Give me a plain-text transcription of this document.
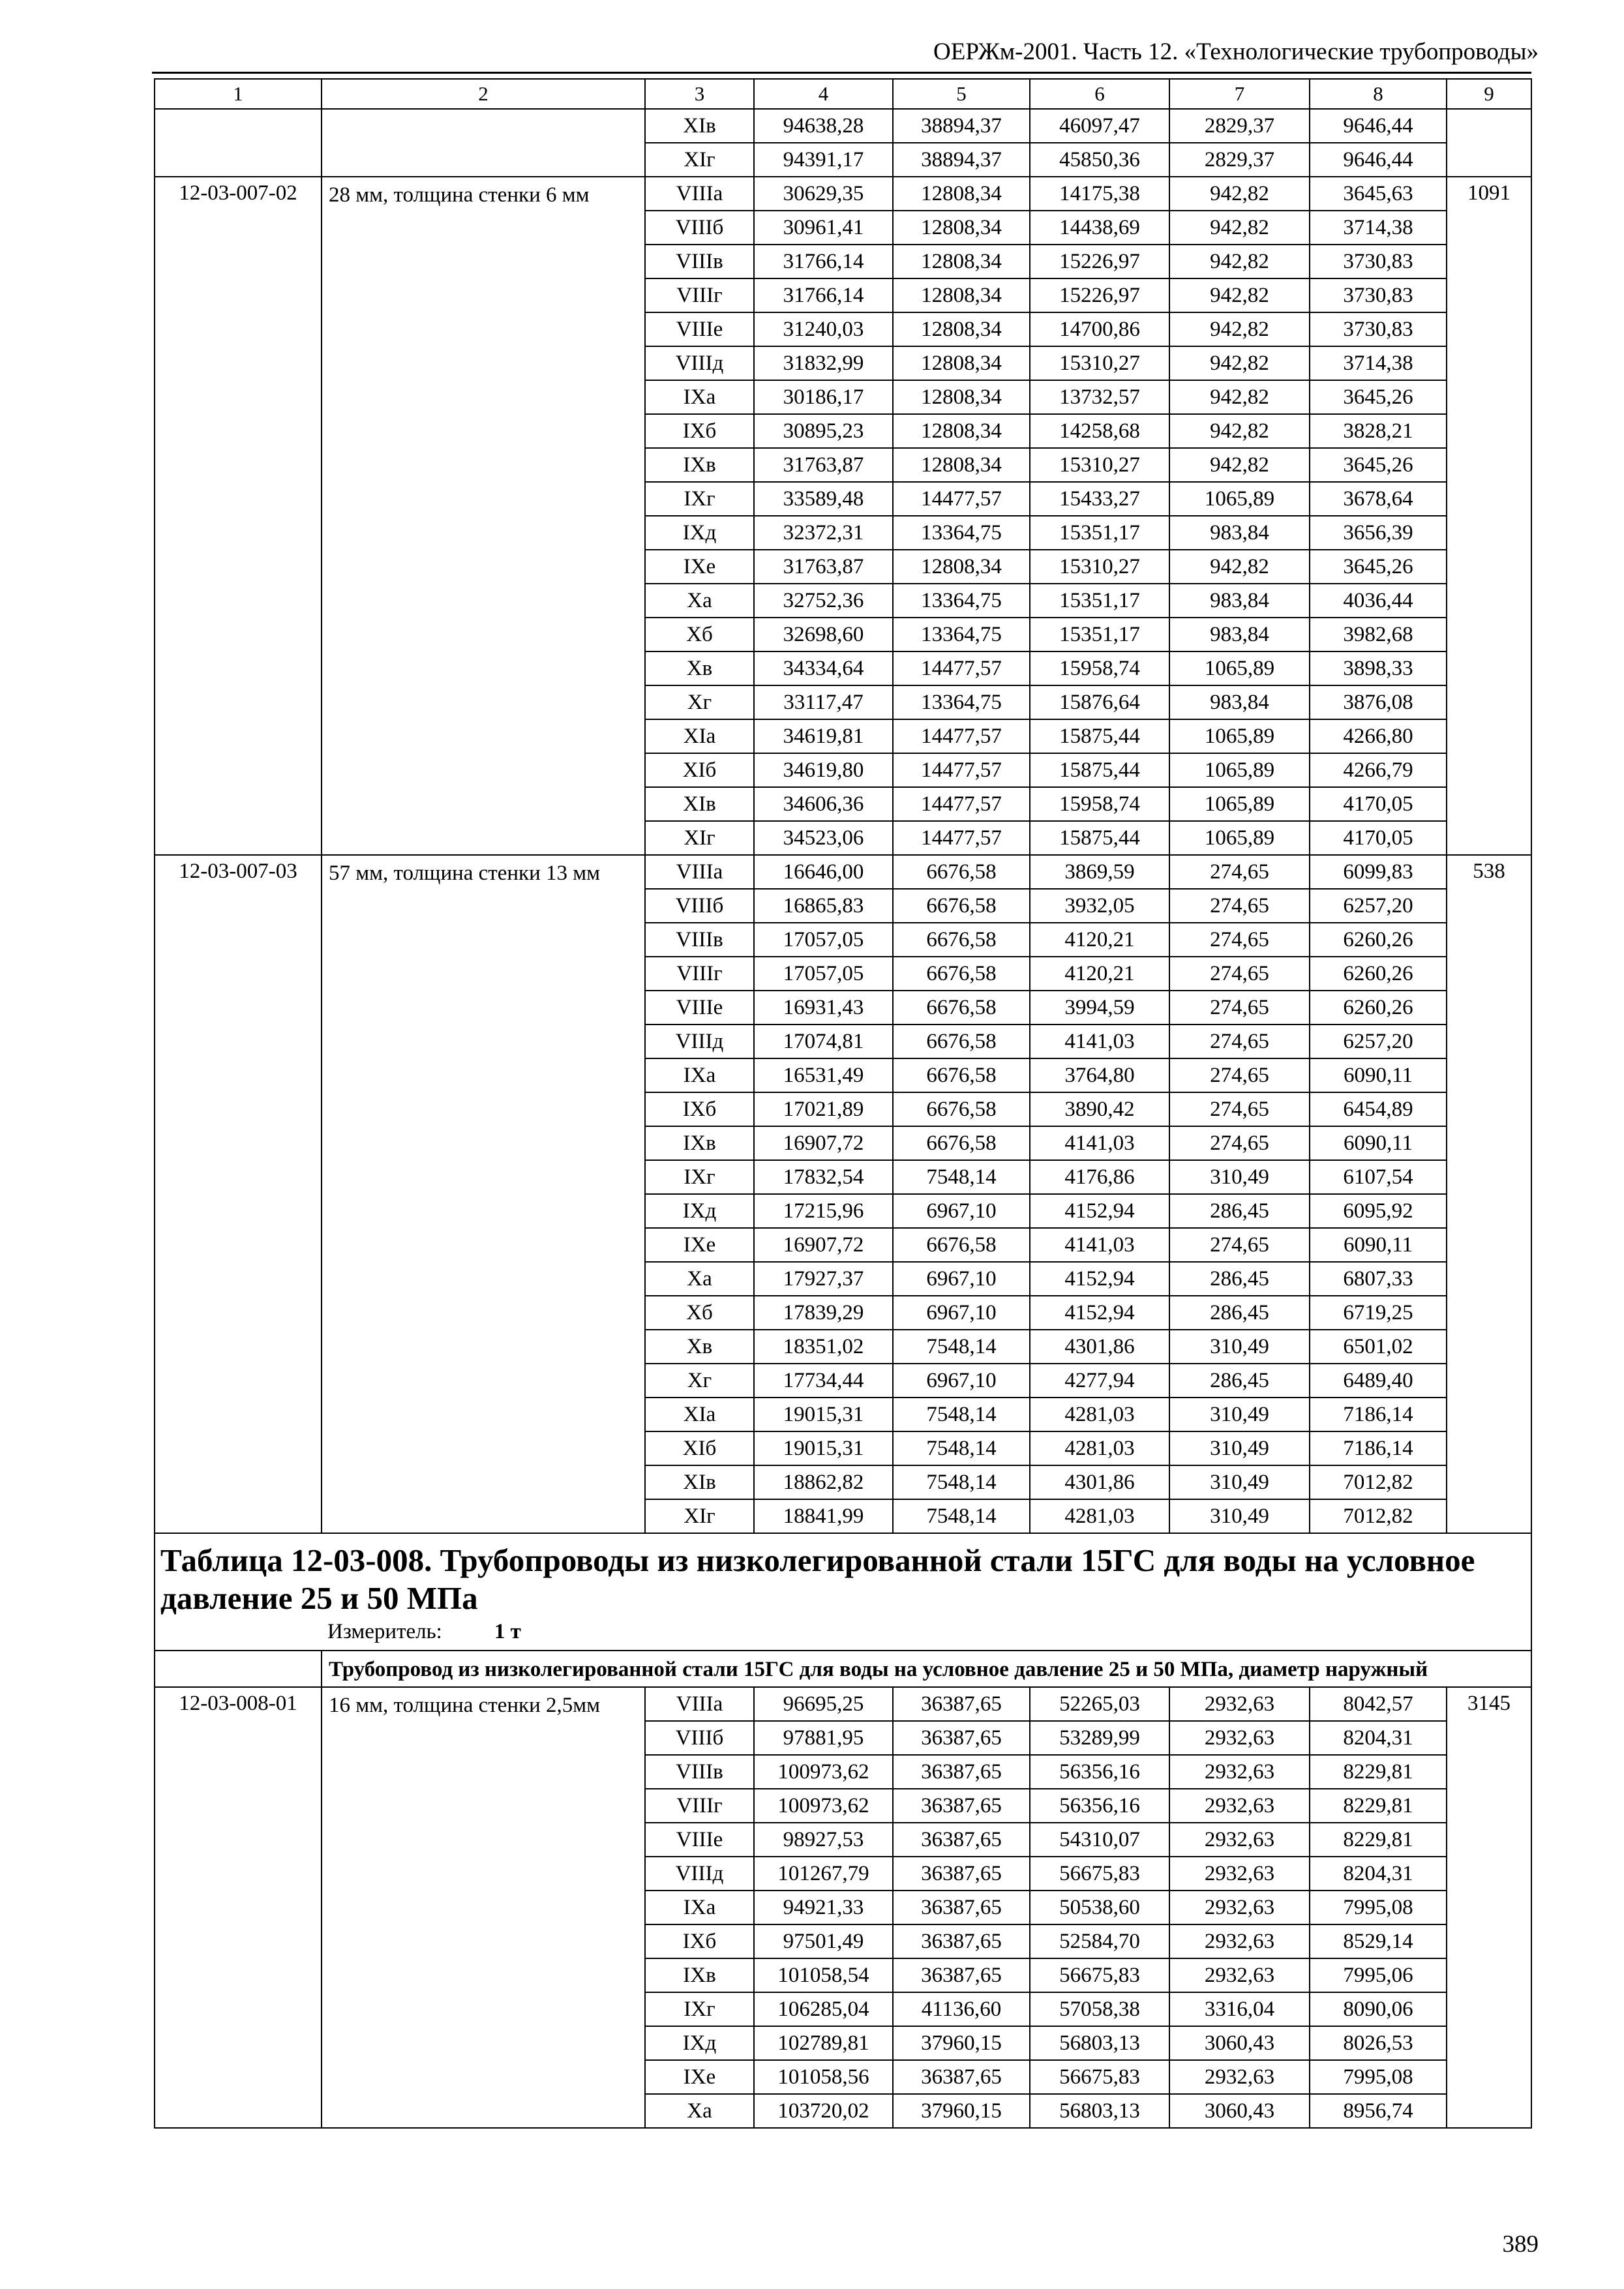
ОЕРЖм-2001. Часть 12. «Технологические трубопроводы»
1	2	3	4	5	6	7	8	9
		XIв	94638,28	38894,37	46097,47	2829,37	9646,44	
		XIг	94391,17	38894,37	45850,36	2829,37	9646,44	
12-03-007-02	28 мм, толщина стенки 6 мм	VIIIа	30629,35	12808,34	14175,38	942,82	3645,63	1091
		VIIIб	30961,41	12808,34	14438,69	942,82	3714,38	
		VIIIв	31766,14	12808,34	15226,97	942,82	3730,83	
		VIIIг	31766,14	12808,34	15226,97	942,82	3730,83	
		VIIIе	31240,03	12808,34	14700,86	942,82	3730,83	
		VIIIд	31832,99	12808,34	15310,27	942,82	3714,38	
		IXа	30186,17	12808,34	13732,57	942,82	3645,26	
		IXб	30895,23	12808,34	14258,68	942,82	3828,21	
		IXв	31763,87	12808,34	15310,27	942,82	3645,26	
		IXг	33589,48	14477,57	15433,27	1065,89	3678,64	
		IXд	32372,31	13364,75	15351,17	983,84	3656,39	
		IXе	31763,87	12808,34	15310,27	942,82	3645,26	
		Xа	32752,36	13364,75	15351,17	983,84	4036,44	
		Xб	32698,60	13364,75	15351,17	983,84	3982,68	
		Xв	34334,64	14477,57	15958,74	1065,89	3898,33	
		Xг	33117,47	13364,75	15876,64	983,84	3876,08	
		XIа	34619,81	14477,57	15875,44	1065,89	4266,80	
		XIб	34619,80	14477,57	15875,44	1065,89	4266,79	
		XIв	34606,36	14477,57	15958,74	1065,89	4170,05	
		XIг	34523,06	14477,57	15875,44	1065,89	4170,05	
12-03-007-03	57 мм, толщина стенки 13 мм	VIIIа	16646,00	6676,58	3869,59	274,65	6099,83	538
		VIIIб	16865,83	6676,58	3932,05	274,65	6257,20	
		VIIIв	17057,05	6676,58	4120,21	274,65	6260,26	
		VIIIг	17057,05	6676,58	4120,21	274,65	6260,26	
		VIIIе	16931,43	6676,58	3994,59	274,65	6260,26	
		VIIIд	17074,81	6676,58	4141,03	274,65	6257,20	
		IXа	16531,49	6676,58	3764,80	274,65	6090,11	
		IXб	17021,89	6676,58	3890,42	274,65	6454,89	
		IXв	16907,72	6676,58	4141,03	274,65	6090,11	
		IXг	17832,54	7548,14	4176,86	310,49	6107,54	
		IXд	17215,96	6967,10	4152,94	286,45	6095,92	
		IXе	16907,72	6676,58	4141,03	274,65	6090,11	
		Xа	17927,37	6967,10	4152,94	286,45	6807,33	
		Xб	17839,29	6967,10	4152,94	286,45	6719,25	
		Xв	18351,02	7548,14	4301,86	310,49	6501,02	
		Xг	17734,44	6967,10	4277,94	286,45	6489,40	
		XIа	19015,31	7548,14	4281,03	310,49	7186,14	
		XIб	19015,31	7548,14	4281,03	310,49	7186,14	
		XIв	18862,82	7548,14	4301,86	310,49	7012,82	
		XIг	18841,99	7548,14	4281,03	310,49	7012,82	

Таблица 12-03-008. Трубопроводы из низколегированной стали 15ГС для воды на условное давление 25 и 50 МПа
Измеритель: 1 т								

	Трубопровод из низколегированной стали 15ГС для воды на условное давление 25 и 50 МПа, диаметр наружный							
12-03-008-01	16 мм, толщина стенки 2,5мм	VIIIа	96695,25	36387,65	52265,03	2932,63	8042,57	3145
		VIIIб	97881,95	36387,65	53289,99	2932,63	8204,31	
		VIIIв	100973,62	36387,65	56356,16	2932,63	8229,81	
		VIIIг	100973,62	36387,65	56356,16	2932,63	8229,81	
		VIIIе	98927,53	36387,65	54310,07	2932,63	8229,81	
		VIIIд	101267,79	36387,65	56675,83	2932,63	8204,31	
		IXа	94921,33	36387,65	50538,60	2932,63	7995,08	
		IXб	97501,49	36387,65	52584,70	2932,63	8529,14	
		IXв	101058,54	36387,65	56675,83	2932,63	7995,06	
		IXг	106285,04	41136,60	57058,38	3316,04	8090,06	
		IXд	102789,81	37960,15	56803,13	3060,43	8026,53	
		IXе	101058,56	36387,65	56675,83	2932,63	7995,08	
		Xа	103720,02	37960,15	56803,13	3060,43	8956,74	
389
